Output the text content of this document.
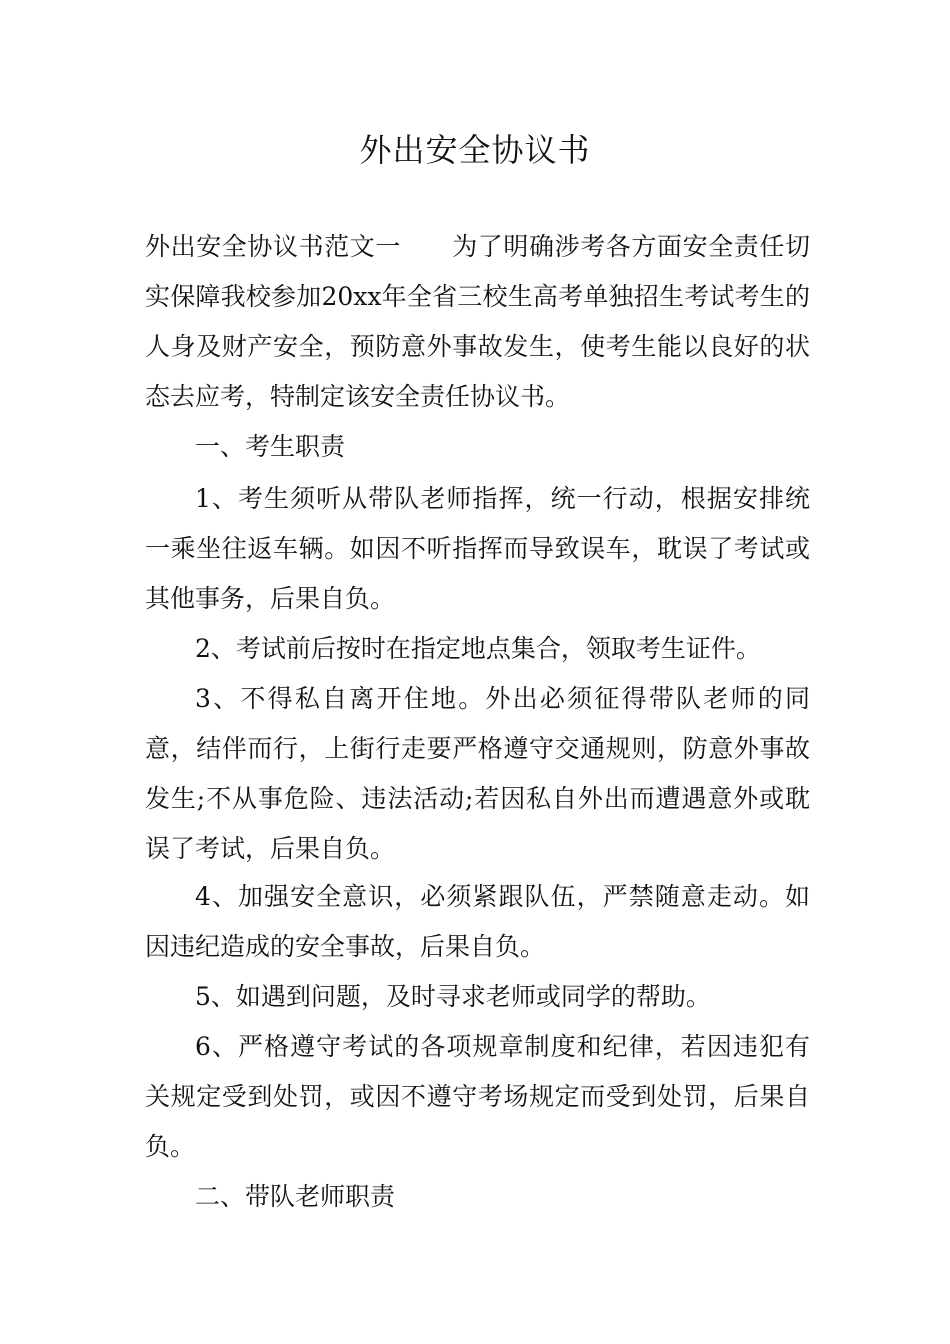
外出安全协议书

外出安全协议书范文一　　为了明确涉考各方面安全责任切实保障我校参加20xx年全省三校生高考单独招生考试考生的人身及财产安全，预防意外事故发生，使考生能以良好的状态去应考，特制定该安全责任协议书。

一、考生职责

1、考生须听从带队老师指挥，统一行动，根据安排统一乘坐往返车辆。如因不听指挥而导致误车，耽误了考试或其他事务，后果自负。

2、考试前后按时在指定地点集合，领取考生证件。

3、不得私自离开住地。外出必须征得带队老师的同意，结伴而行，上街行走要严格遵守交通规则，防意外事故发生;不从事危险、违法活动;若因私自外出而遭遇意外或耽误了考试，后果自负。

4、加强安全意识，必须紧跟队伍，严禁随意走动。如因违纪造成的安全事故，后果自负。

5、如遇到问题，及时寻求老师或同学的帮助。

6、严格遵守考试的各项规章制度和纪律，若因违犯有关规定受到处罚，或因不遵守考场规定而受到处罚，后果自负。

二、带队老师职责
